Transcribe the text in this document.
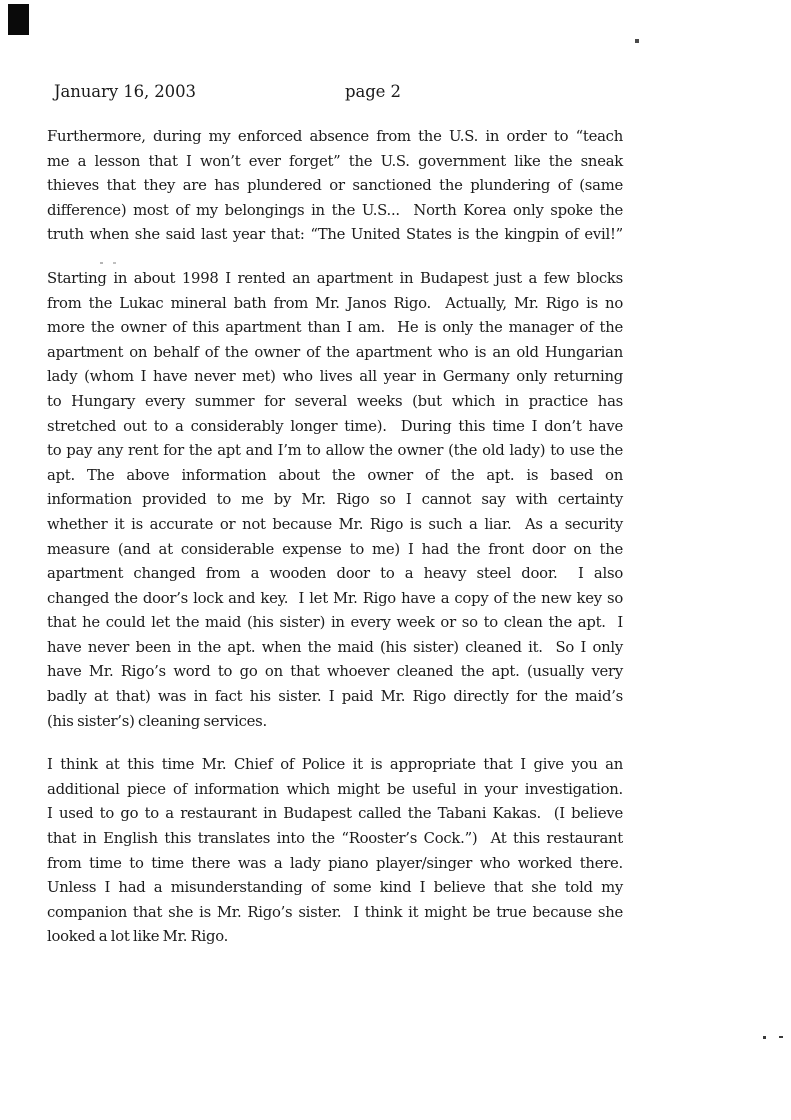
January 16, 2003	page 2
Furthermore, during my enforced absence from the U.S. in order to “teach
me a lesson that I won’t ever forget” the U.S. government like the sneak
thieves that they are has plundered or sanctioned the plundering of (same
difference) most of my belongings in the U.S...  North Korea only spoke the
truth when she said last year that: “The United States is the kingpin of evil!”
Starting in about 1998 I rented an apartment in Budapest just a few blocks
from the Lukac mineral bath from Mr. Janos Rigo.  Actually, Mr. Rigo is no
more the owner of this apartment than I am.  He is only the manager of the
apartment on behalf of the owner of the apartment who is an old Hungarian
lady (whom I have never met) who lives all year in Germany only returning
to Hungary every summer for several weeks (but which in practice has
stretched out to a considerably longer time).  During this time I don’t have
to pay any rent for the apt and I’m to allow the owner (the old lady) to use the
apt. The above information about the owner of the apt. is based on
information provided to me by Mr. Rigo so I cannot say with certainty
whether it is accurate or not because Mr. Rigo is such a liar.  As a security
measure (and at considerable expense to me) I had the front door on the
apartment changed from a wooden door to a heavy steel door.  I also
changed the door’s lock and key.  I let Mr. Rigo have a copy of the new key so
that he could let the maid (his sister) in every week or so to clean the apt.  I
have never been in the apt. when the maid (his sister) cleaned it.  So I only
have Mr. Rigo’s word to go on that whoever cleaned the apt. (usually very
badly at that) was in fact his sister. I paid Mr. Rigo directly for the maid’s
(his sister’s) cleaning services.
I think at this time Mr. Chief of Police it is appropriate that I give you an
additional piece of information which might be useful in your investigation.
I used to go to a restaurant in Budapest called the Tabani Kakas.  (I believe
that in English this translates into the “Rooster’s Cock.”)  At this restaurant
from time to time there was a lady piano player/singer who worked there.
Unless I had a misunderstanding of some kind I believe that she told my
companion that she is Mr. Rigo’s sister.  I think it might be true because she
looked a lot like Mr. Rigo.
